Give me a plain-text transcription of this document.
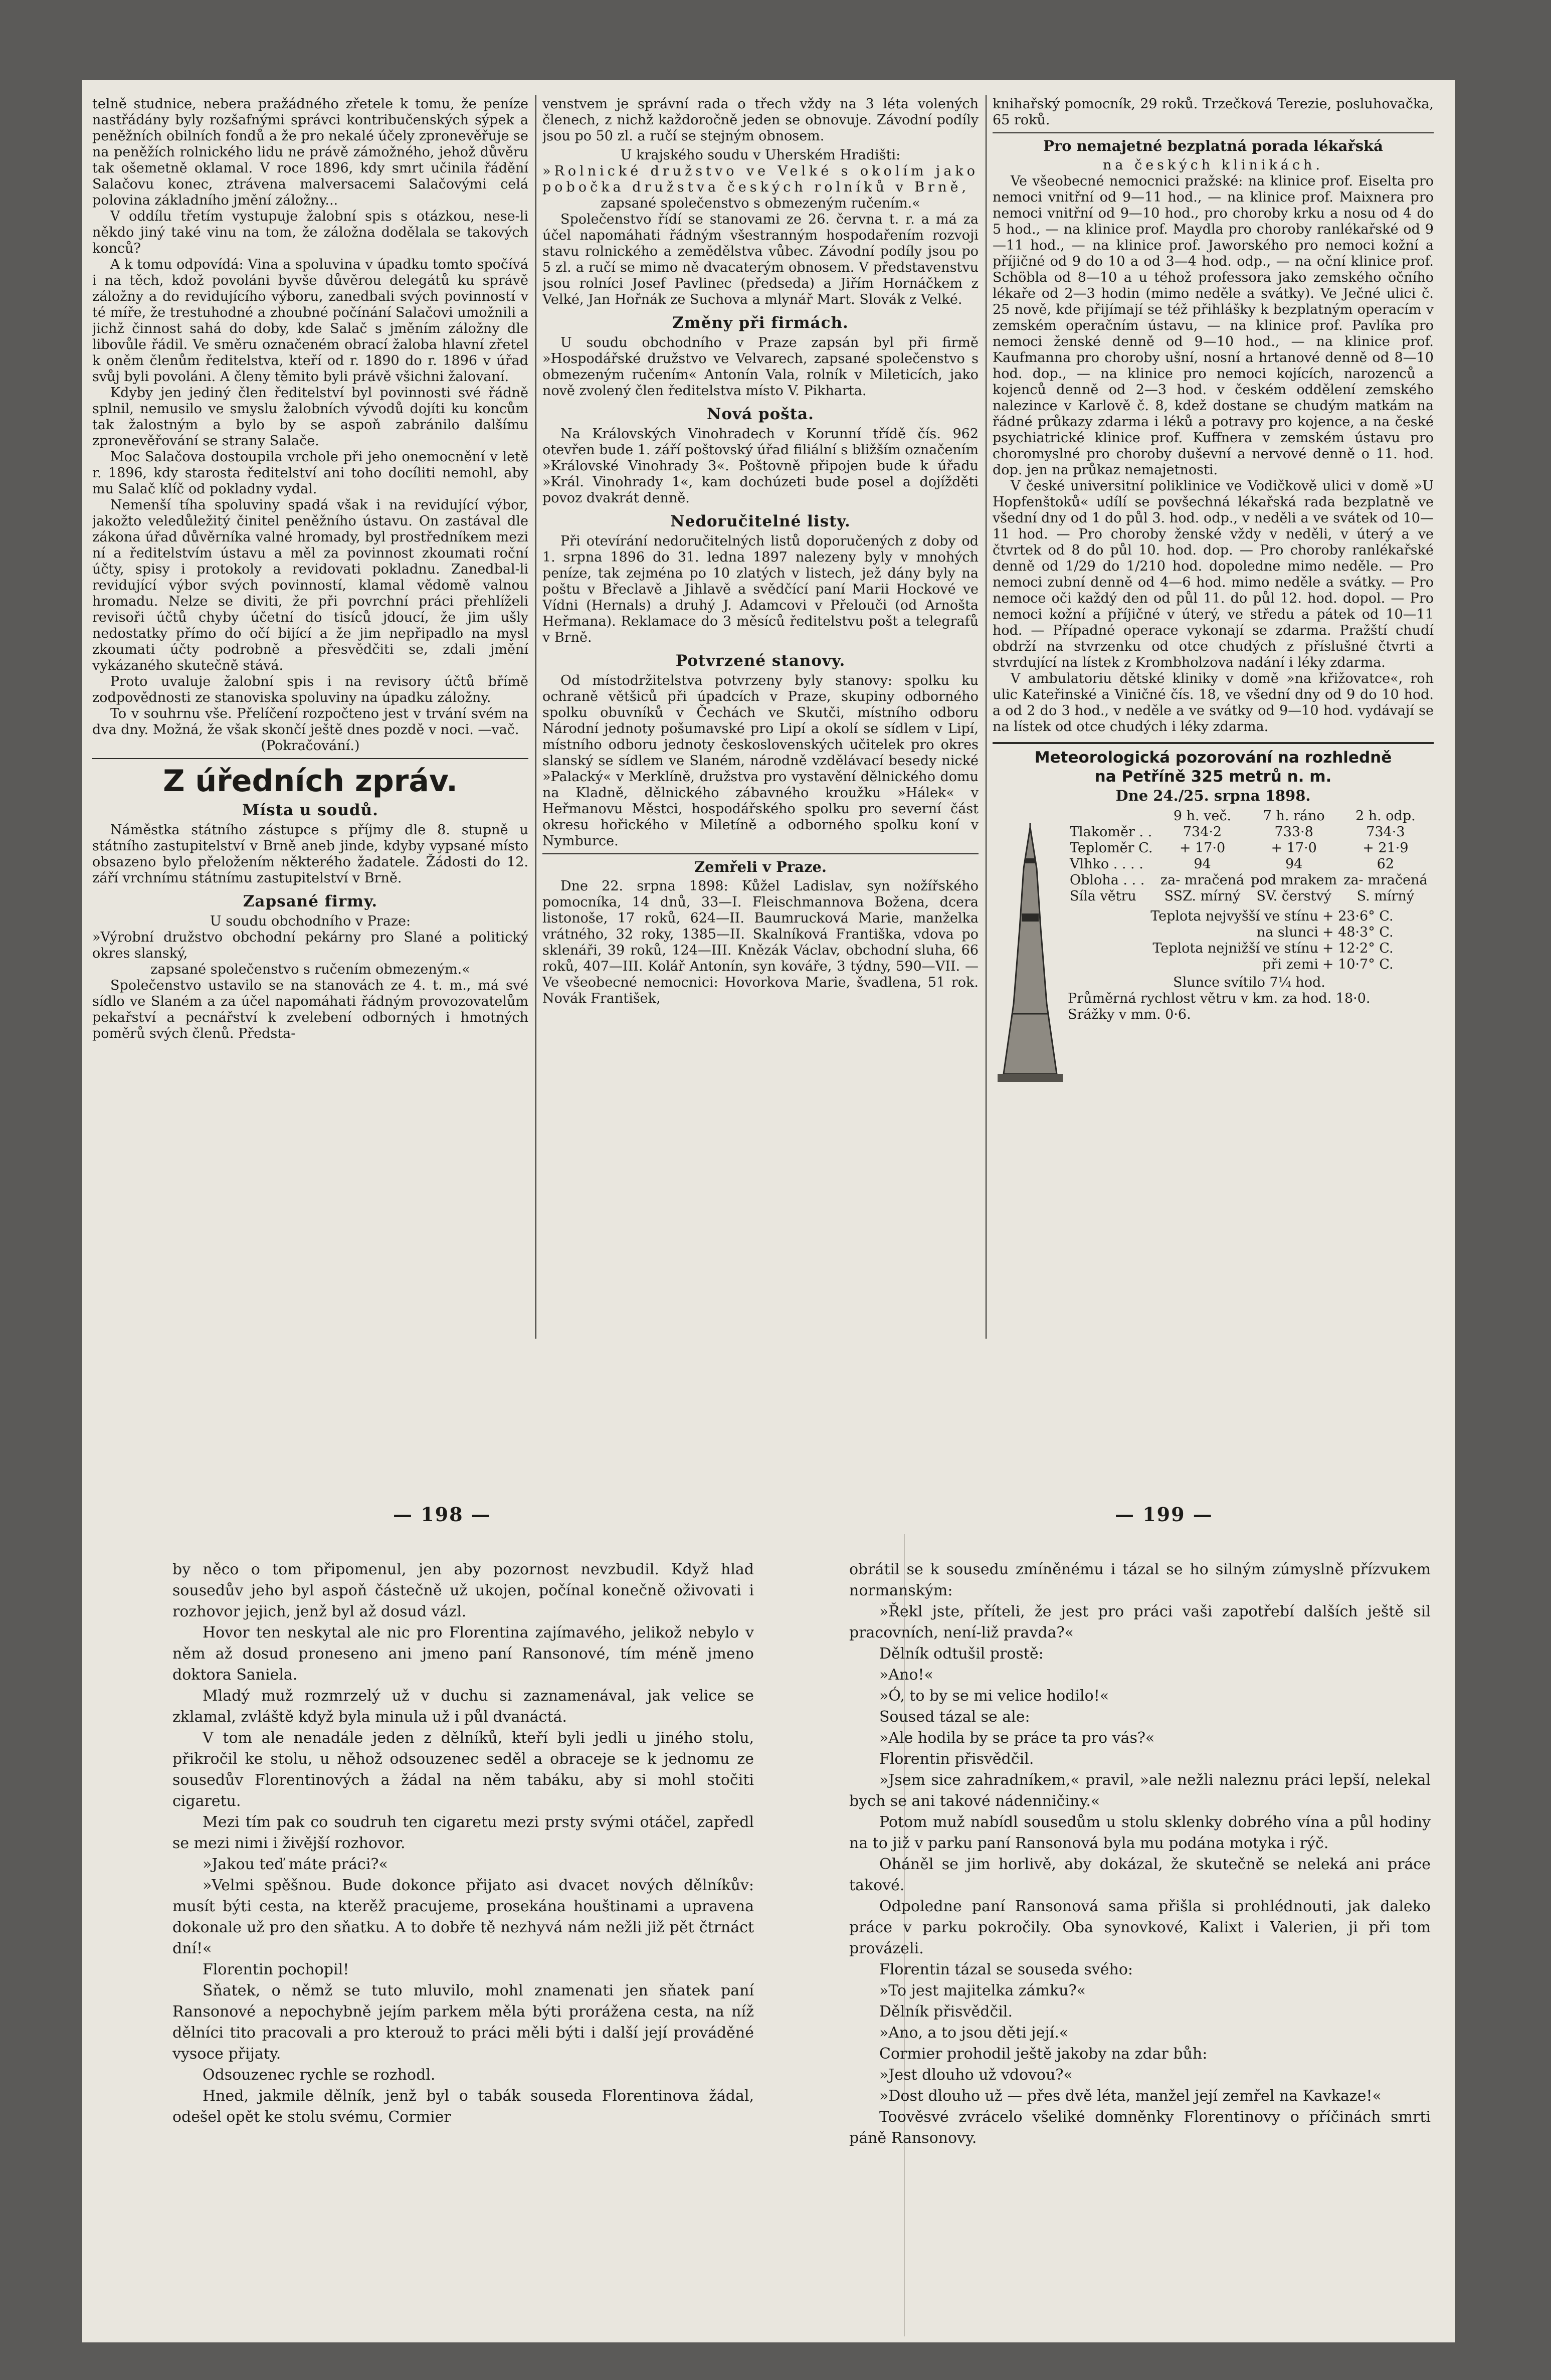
telně studnice, nebera pražádného zřetele k tomu, že peníze nastřádány byly rozšafnými správci kontribučenských sýpek a peněžních obilních fondů a že pro nekalé účely zpronevěřuje se na peněžích rolnického lidu ne právě zámožného, jehož důvěru tak ošemetně oklamal. V roce 1896, kdy smrt učinila řádění Salačovu konec, ztrávena malversacemi Salačovými celá polovina základního jmění záložny...

V oddílu třetím vystupuje žalobní spis s otázkou, nese-li někdo jiný také vinu na tom, že záložna dodělala se takových konců?

A k tomu odpovídá: Vina a spoluvina v úpadku tomto spočívá i na těch, kdož povoláni byvše důvěrou delegátů ku správě záložny a do revidujícího výboru, zanedbali svých povinností v té míře, že trestuhodné a zhoubné počínání Salačovi umožnili a jichž činnost sahá do doby, kde Salač s jměním záložny dle libovůle řádil. Ve směru označeném obrací žaloba hlavní zřetel k oněm členům ředitelstva, kteří od r. 1890 do r. 1896 v úřad svůj byli povoláni. A členy těmito byli právě všichni žalovaní.

Kdyby jen jediný člen ředitelství byl povinnosti své řádně splnil, nemusilo ve smyslu žalobních vývodů dojíti ku koncům tak žalostným a bylo by se aspoň zabránilo dalšímu zpronevěřování se strany Salače.

Moc Salačova dostoupila vrchole při jeho onemocnění v letě r. 1896, kdy starosta ředitelství ani toho docíliti nemohl, aby mu Salač klíč od pokladny vydal.

Nemenší tíha spoluviny spadá však i na revidující výbor, jakožto veledůležitý činitel peněžního ústavu. On zastával dle zákona úřad důvěrníka valné hromady, byl prostředníkem mezi ní a ředitelstvím ústavu a měl za povinnost zkoumati roční účty, spisy i protokoly a revidovati pokladnu. Zanedbal-li revidující výbor svých povinností, klamal vědomě valnou hromadu. Nelze se diviti, že při povrchní práci přehlíželi revisoři účtů chyby účetní do tisíců jdoucí, že jim ušly nedostatky přímo do očí bijící a že jim nepřipadlo na mysl zkoumati účty podrobně a přesvědčiti se, zdali jmění vykázaného skutečně stává.

Proto uvaluje žalobní spis i na revisory účtů břímě zodpovědnosti ze stanoviska spoluviny na úpadku záložny.

To v souhrnu vše. Přelíčení rozpočteno jest v trvání svém na dva dny. Možná, že však skončí ještě dnes pozdě v noci. —vač.

(Pokračování.)

Z úředních zpráv.
Místa u soudů.

Náměstka státního zástupce s příjmy dle 8. stupně u státního zastupitelství v Brně aneb jinde, kdyby vypsané místo obsazeno bylo přeložením některého žadatele. Žádosti do 12. září vrchnímu státnímu zastupitelství v Brně.

Zapsané firmy.

U soudu obchodního v Praze:

»Výrobní družstvo obchodní pekárny pro Slané a politický okres slanský,

zapsané společenstvo s ručením obmezeným.«

Společenstvo ustavilo se na stanovách ze 4. t. m., má své sídlo ve Slaném a za účel napomáhati řádným provozovatelům pekařství a pecnářství k zvelebení odborných i hmotných poměrů svých členů. Předsta-

venstvem je správní rada o třech vždy na 3 léta volených členech, z nichž každoročně jeden se obnovuje. Závodní podíly jsou po 50 zl. a ručí se stejným obnosem.

U krajského soudu v Uherském Hradišti:

»Rolnické družstvo ve Velké s okolím jako pobočka družstva českých rolníků v Brně,

zapsané společenstvo s obmezeným ručením.«

Společenstvo řídí se stanovami ze 26. června t. r. a má za účel napomáhati řádným všestranným hospodařením rozvoji stavu rolnického a zemědělstva vůbec. Závodní podíly jsou po 5 zl. a ručí se mimo ně dvacaterým obnosem. V představenstvu jsou rolníci Josef Pavlinec (předseda) a Jiřím Hornáčkem z Velké, Jan Hořnák ze Suchova a mlynář Mart. Slovák z Velké.

Změny při firmách.

U soudu obchodního v Praze zapsán byl při firmě »Hospodářské družstvo ve Velvarech, zapsané společenstvo s obmezeným ručením« Antonín Vala, rolník v Mileticích, jako nově zvolený člen ředitelstva místo V. Pikharta.

Nová pošta.

Na Královských Vinohradech v Korunní třídě čís. 962 otevřen bude 1. září poštovský úřad filiální s bližším označením »Královské Vinohrady 3«. Poštovně připojen bude k úřadu »Král. Vinohrady 1«, kam dochúzeti bude posel a dojížděti povoz dvakrát denně.

Nedoručitelné listy.

Při otevírání nedoručitelných listů doporučených z doby od 1. srpna 1896 do 31. ledna 1897 nalezeny byly v mnohých peníze, tak zejména po 10 zlatých v listech, jež dány byly na poštu v Břeclavě a Jihlavě a svědčící paní Marii Hockové ve Vídni (Hernals) a druhý J. Adamcovi v Přelouči (od Arnošta Heřmana). Reklamace do 3 měsíců ředitelstvu pošt a telegrafů v Brně.

Potvrzené stanovy.

Od místodržitelstva potvrzeny byly stanovy: spolku ku ochraně většiců při úpadcích v Praze, skupiny odborného spolku obuvníků v Čechách ve Skutči, místního odboru Národní jednoty pošumavské pro Lipí a okolí se sídlem v Lipí, místního odboru jednoty československých učitelek pro okres slanský se sídlem ve Slaném, národně vzdělávací besedy nické »Palacký« v Merklíně, družstva pro vystavění dělnického domu na Kladně, dělnického zábavného kroužku »Hálek« v Heřmanovu Městci, hospodářského spolku pro severní část okresu hořického v Miletíně a odborného spolku koní v Nymburce.

Zemřeli v Praze.

Dne 22. srpna 1898: Kůžel Ladislav, syn nožířského pomocníka, 14 dnů, 33—I. Fleischmannova Božena, dcera listonoše, 17 roků, 624—II. Baumrucková Marie, manželka vrátného, 32 roky, 1385—II. Skalníková Františka, vdova po sklenáři, 39 roků, 124—III. Knězák Václav, obchodní sluha, 66 roků, 407—III. Kolář Antonín, syn kováře, 3 týdny, 590—VII. — Ve všeobecné nemocnici: Hovorkova Marie, švadlena, 51 rok. Novák František,

knihařský pomocník, 29 roků. Trzečková Terezie, posluhovačka, 65 roků.

Pro nemajetné bezplatná porada lékařská

na českých klinikách.

Ve všeobecné nemocnici pražské: na klinice prof. Eiselta pro nemoci vnitřní od 9—11 hod., — na klinice prof. Maixnera pro nemoci vnitřní od 9—10 hod., pro choroby krku a nosu od 4 do 5 hod., — na klinice prof. Maydla pro choroby ranlékařské od 9—11 hod., — na klinice prof. Jaworského pro nemoci kožní a příjičné od 9 do 10 a od 3—4 hod. odp., — na oční klinice prof. Schöbla od 8—10 a u téhož professora jako zemského očního lékaře od 2—3 hodin (mimo neděle a svátky). Ve Ječné ulici č. 25 nově, kde přijímají se též přihlášky k bezplatným operacím v zemském operačním ústavu, — na klinice prof. Pavlíka pro nemoci ženské denně od 9—10 hod., — na klinice prof. Kaufmanna pro choroby ušní, nosní a hrtanové denně od 8—10 hod. dop., — na klinice pro nemoci kojících, narozenců a kojenců denně od 2—3 hod. v českém oddělení zemského nalezince v Karlově č. 8, kdež dostane se chudým matkám na řádné průkazy zdarma i léků a potravy pro kojence, a na české psychiatrické klinice prof. Kuffnera v zemském ústavu pro choromyslné pro choroby duševní a nervové denně o 11. hod. dop. jen na průkaz nemajetnosti.

V české universitní poliklinice ve Vodičkově ulici v domě »U Hopfenštoků« udílí se povšechná lékařská rada bezplatně ve všední dny od 1 do půl 3. hod. odp., v neděli a ve svátek od 10—11 hod. — Pro choroby ženské vždy v neděli, v úterý a ve čtvrtek od 8 do půl 10. hod. dop. — Pro choroby ranlékařské denně od 1/29 do 1/210 hod. dopoledne mimo neděle. — Pro nemoci zubní denně od 4—6 hod. mimo neděle a svátky. — Pro nemoce oči každý den od půl 11. do půl 12. hod. dopol. — Pro nemoci kožní a příjičné v úterý, ve středu a pátek od 10—11 hod. — Případné operace vykonají se zdarma. Pražští chudí obdrží na stvrzenku od otce chudých z příslušné čtvrti a stvrdující na lístek z Krombholzova nadání i léky zdarma.

V ambulatoriu dětské kliniky v domě »na křižovatce«, roh ulic Kateřinské a Viničné čís. 18, ve všední dny od 9 do 10 hod. a od 2 do 3 hod., v neděle a ve svátky od 9—10 hod. vydávají se na lístek od otce chudých i léky zdarma.

Meteorologická pozorování na rozhledně
na Petříně 325 metrů n. m.
Dne 24./25. srpna 1898.
	9 h. več.	7 h. ráno	2 h. odp.
Tlakoměr . .	734·2	733·8	734·3
Teploměr C.	+ 17·0	+ 17·0	+ 21·9
Vlhko . . . .	94	94	62
Obloha . . .	za- mračená	pod mrakem	za- mračená
Síla větru	SSZ. mírný	SV. čerstvý	S. mírný
Teplota nejvyšší ve stínu	+ 23·6° C.
na slunci	+ 48·3° C.
Teplota nejnižší ve stínu	+ 12·2° C.
při zemi	+ 10·7° C.
Slunce svítilo 7¼ hod.
Průměrná rychlost větru v km. za hod. 18·0.
Srážky v mm. 0·6.
— 198 —	— 199 —

by něco o tom připomenul, jen aby pozornost nevzbudil. Když hlad sousedův jeho byl aspoň částečně už ukojen, počínal konečně oživovati i rozhovor jejich, jenž byl až dosud vázl.

Hovor ten neskytal ale nic pro Florentina zajímavého, jelikož nebylo v něm až dosud proneseno ani jmeno paní Ransonové, tím méně jmeno doktora Saniela.

Mladý muž rozmrzelý už v duchu si zaznamenával, jak velice se zklamal, zvláště když byla minula už i půl dvanáctá.

V tom ale nenadále jeden z dělníků, kteří byli jedli u jiného stolu, přikročil ke stolu, u něhož odsouzenec seděl a obraceje se k jednomu ze sousedův Florentinových a žádal na něm tabáku, aby si mohl stočiti cigaretu.

Mezi tím pak co soudruh ten cigaretu mezi prsty svými otáčel, zapředl se mezi nimi i živější rozhovor.

»Jakou teď máte práci?«

»Velmi spěšnou. Bude dokonce přijato asi dvacet nových dělníkův: musít býti cesta, na kterěž pracujeme, prosekána houštinami a upravena dokonale už pro den sňatku. A to dobře tě nezhyvá nám nežli již pět čtrnáct dní!«

Florentin pochopil!

Sňatek, o němž se tuto mluvilo, mohl znamenati jen sňatek paní Ransonové a nepochybně jejím parkem měla býti prorážena cesta, na níž dělníci tito pracovali a pro kterouž to práci měli býti i další její prováděné vysoce přijaty.

Odsouzenec rychle se rozhodl.

Hned, jakmile dělník, jenž byl o tabák souseda Florentinova žádal, odešel opět ke stolu svému, Cormier

obrátil se k sousedu zmíněnému i tázal se ho silným zúmyslně přízvukem normanským:

»Řekl jste, příteli, že jest pro práci vaši zapotřebí dalších ještě sil pracovních, není-liž pravda?«

Dělník odtušil prostě:

»Ano!«

»Ó, to by se mi velice hodilo!«

Soused tázal se ale:

»Ale hodila by se práce ta pro vás?«

Florentin přisvědčil.

»Jsem sice zahradníkem,« pravil, »ale nežli naleznu práci lepší, nelekal bych se ani takové nádenničiny.«

Potom muž nabídl sousedům u stolu sklenky dobrého vína a půl hodiny na to již v parku paní Ransonová byla mu podána motyka i rýč.

Oháněl se jim horlivě, aby dokázal, že skutečně se neleká ani práce takové.

Odpoledne paní Ransonová sama přišla si prohlédnouti, jak daleko práce v parku pokročily. Oba synovkové, Kalixt i Valerien, ji při tom provázeli.

Florentin tázal se souseda svého:

»To jest majitelka zámku?«

Dělník přisvědčil.

»Ano, a to jsou děti její.«

Cormier prohodil ještě jakoby na zdar bůh:

»Jest dlouho už vdovou?«

»Dost dlouho už — přes dvě léta, manžel její zemřel na Kavkaze!«

Toověsvé zvrácelo všeliké domněnky Florentinovy o příčinách smrti páně Ransonovy.
